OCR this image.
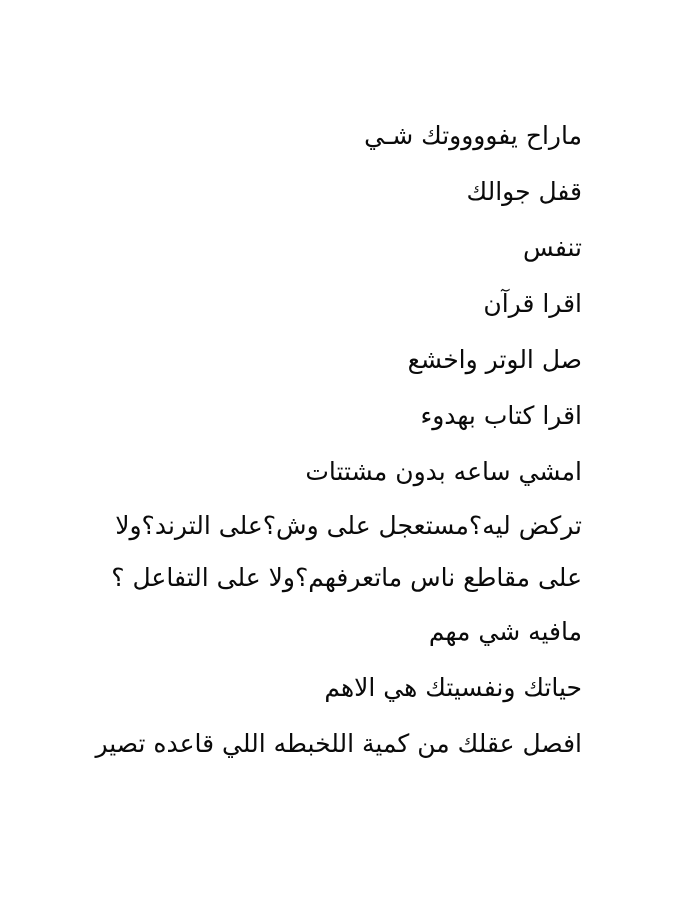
ماراح يفووووتك شـي
قفل جوالك
تنفس
اقرا قرآن
صل الوتر واخشع
اقرا كتاب بهدوء
امشي ساعه بدون مشتتات
تركض ليه؟مستعجل على وش؟على الترند؟ولا
على مقاطع ناس ماتعرفهم؟ولا على التفاعل ؟
مافيه شي مهم
حياتك ونفسيتك هي الاهم
افصل عقلك من كمية اللخبطه اللي قاعده تصير
